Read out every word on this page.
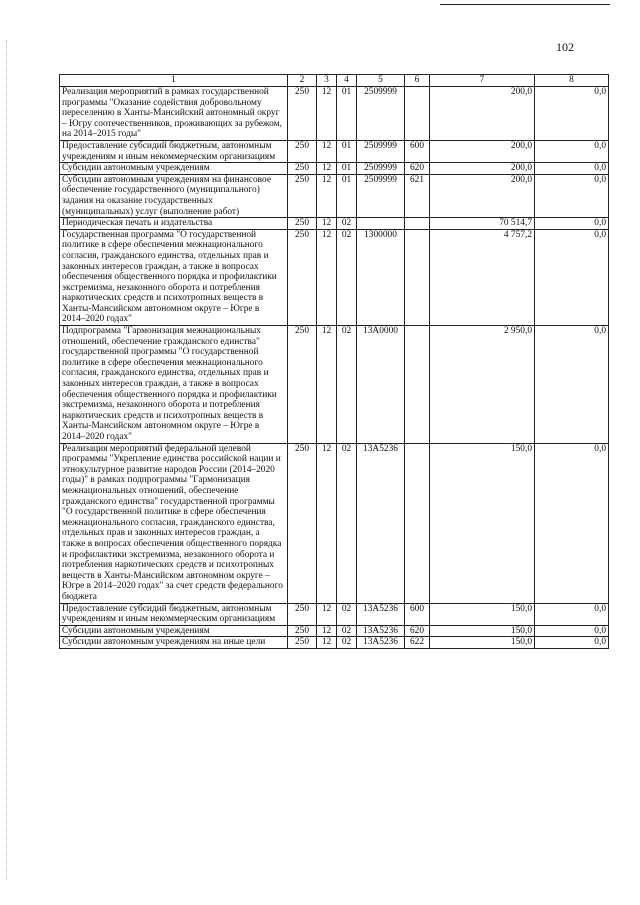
102
1	2	3	4	5	6	7	8
Реализация мероприятий в рамках государственной программы "Оказание содействия добровольному переселению в Ханты-Мансийский автономный округ – Югру соотечественников, проживающих за рубежом, на 2014–2015 годы"	250	12	01	2509999		200,0	0,0
Предоставление субсидий бюджетным, автономным учреждениям и иным некоммерческим организациям	250	12	01	2509999	600	200,0	0,0
Субсидии автономным учреждениям	250	12	01	2509999	620	200,0	0,0
Субсидии автономным учреждениям на финансовое обеспечение государственного (муниципального) задания на оказание государственных (муниципальных) услуг (выполнение работ)	250	12	01	2509999	621	200,0	0,0
Периодическая печать и издательства	250	12	02			70 514,7	0,0
Государственная программа "О государственной политике в сфере обеспечения межнационального согласия, гражданского единства, отдельных прав и законных интересов граждан, а также в вопросах обеспечения общественного порядка и профилактики экстремизма, незаконного оборота и потребления наркотических средств и психотропных веществ в Ханты-Мансийском автономном округе – Югре в 2014–2020 годах"	250	12	02	1300000		4 757,2	0,0
Подпрограмма "Гармонизация межнациональных отношений, обеспечение гражданского единства" государственной программы "О государственной политике в сфере обеспечения межнационального согласия, гражданского единства, отдельных прав и законных интересов граждан, а также в вопросах обеспечения общественного порядка и профилактики экстремизма, незаконного оборота и потребления наркотических средств и психотропных веществ в Ханты-Мансийском автономном округе – Югре в 2014–2020 годах"	250	12	02	13А0000		2 950,0	0,0
Реализация мероприятий федеральной целевой программы "Укрепление единства российской нации и этнокультурное развитие народов России (2014–2020 годы)" в рамках подпрограммы "Гармонизация межнациональных отношений, обеспечение гражданского единства" государственной программы "О государственной политике в сфере обеспечения межнационального согласия, гражданского единства, отдельных прав и законных интересов граждан, а также в вопросах обеспечения общественного порядка и профилактики экстремизма, незаконного оборота и потребления наркотических средств и психотропных веществ в Ханты-Мансийском автономном округе – Югре в 2014–2020 годах" за счет средств федерального бюджета	250	12	02	13А5236		150,0	0,0
Предоставление субсидий бюджетным, автономным учреждениям и иным некоммерческим организациям	250	12	02	13А5236	600	150,0	0,0
Субсидии автономным учреждениям	250	12	02	13А5236	620	150,0	0,0
Субсидии автономным учреждениям на иные цели	250	12	02	13А5236	622	150,0	0,0
